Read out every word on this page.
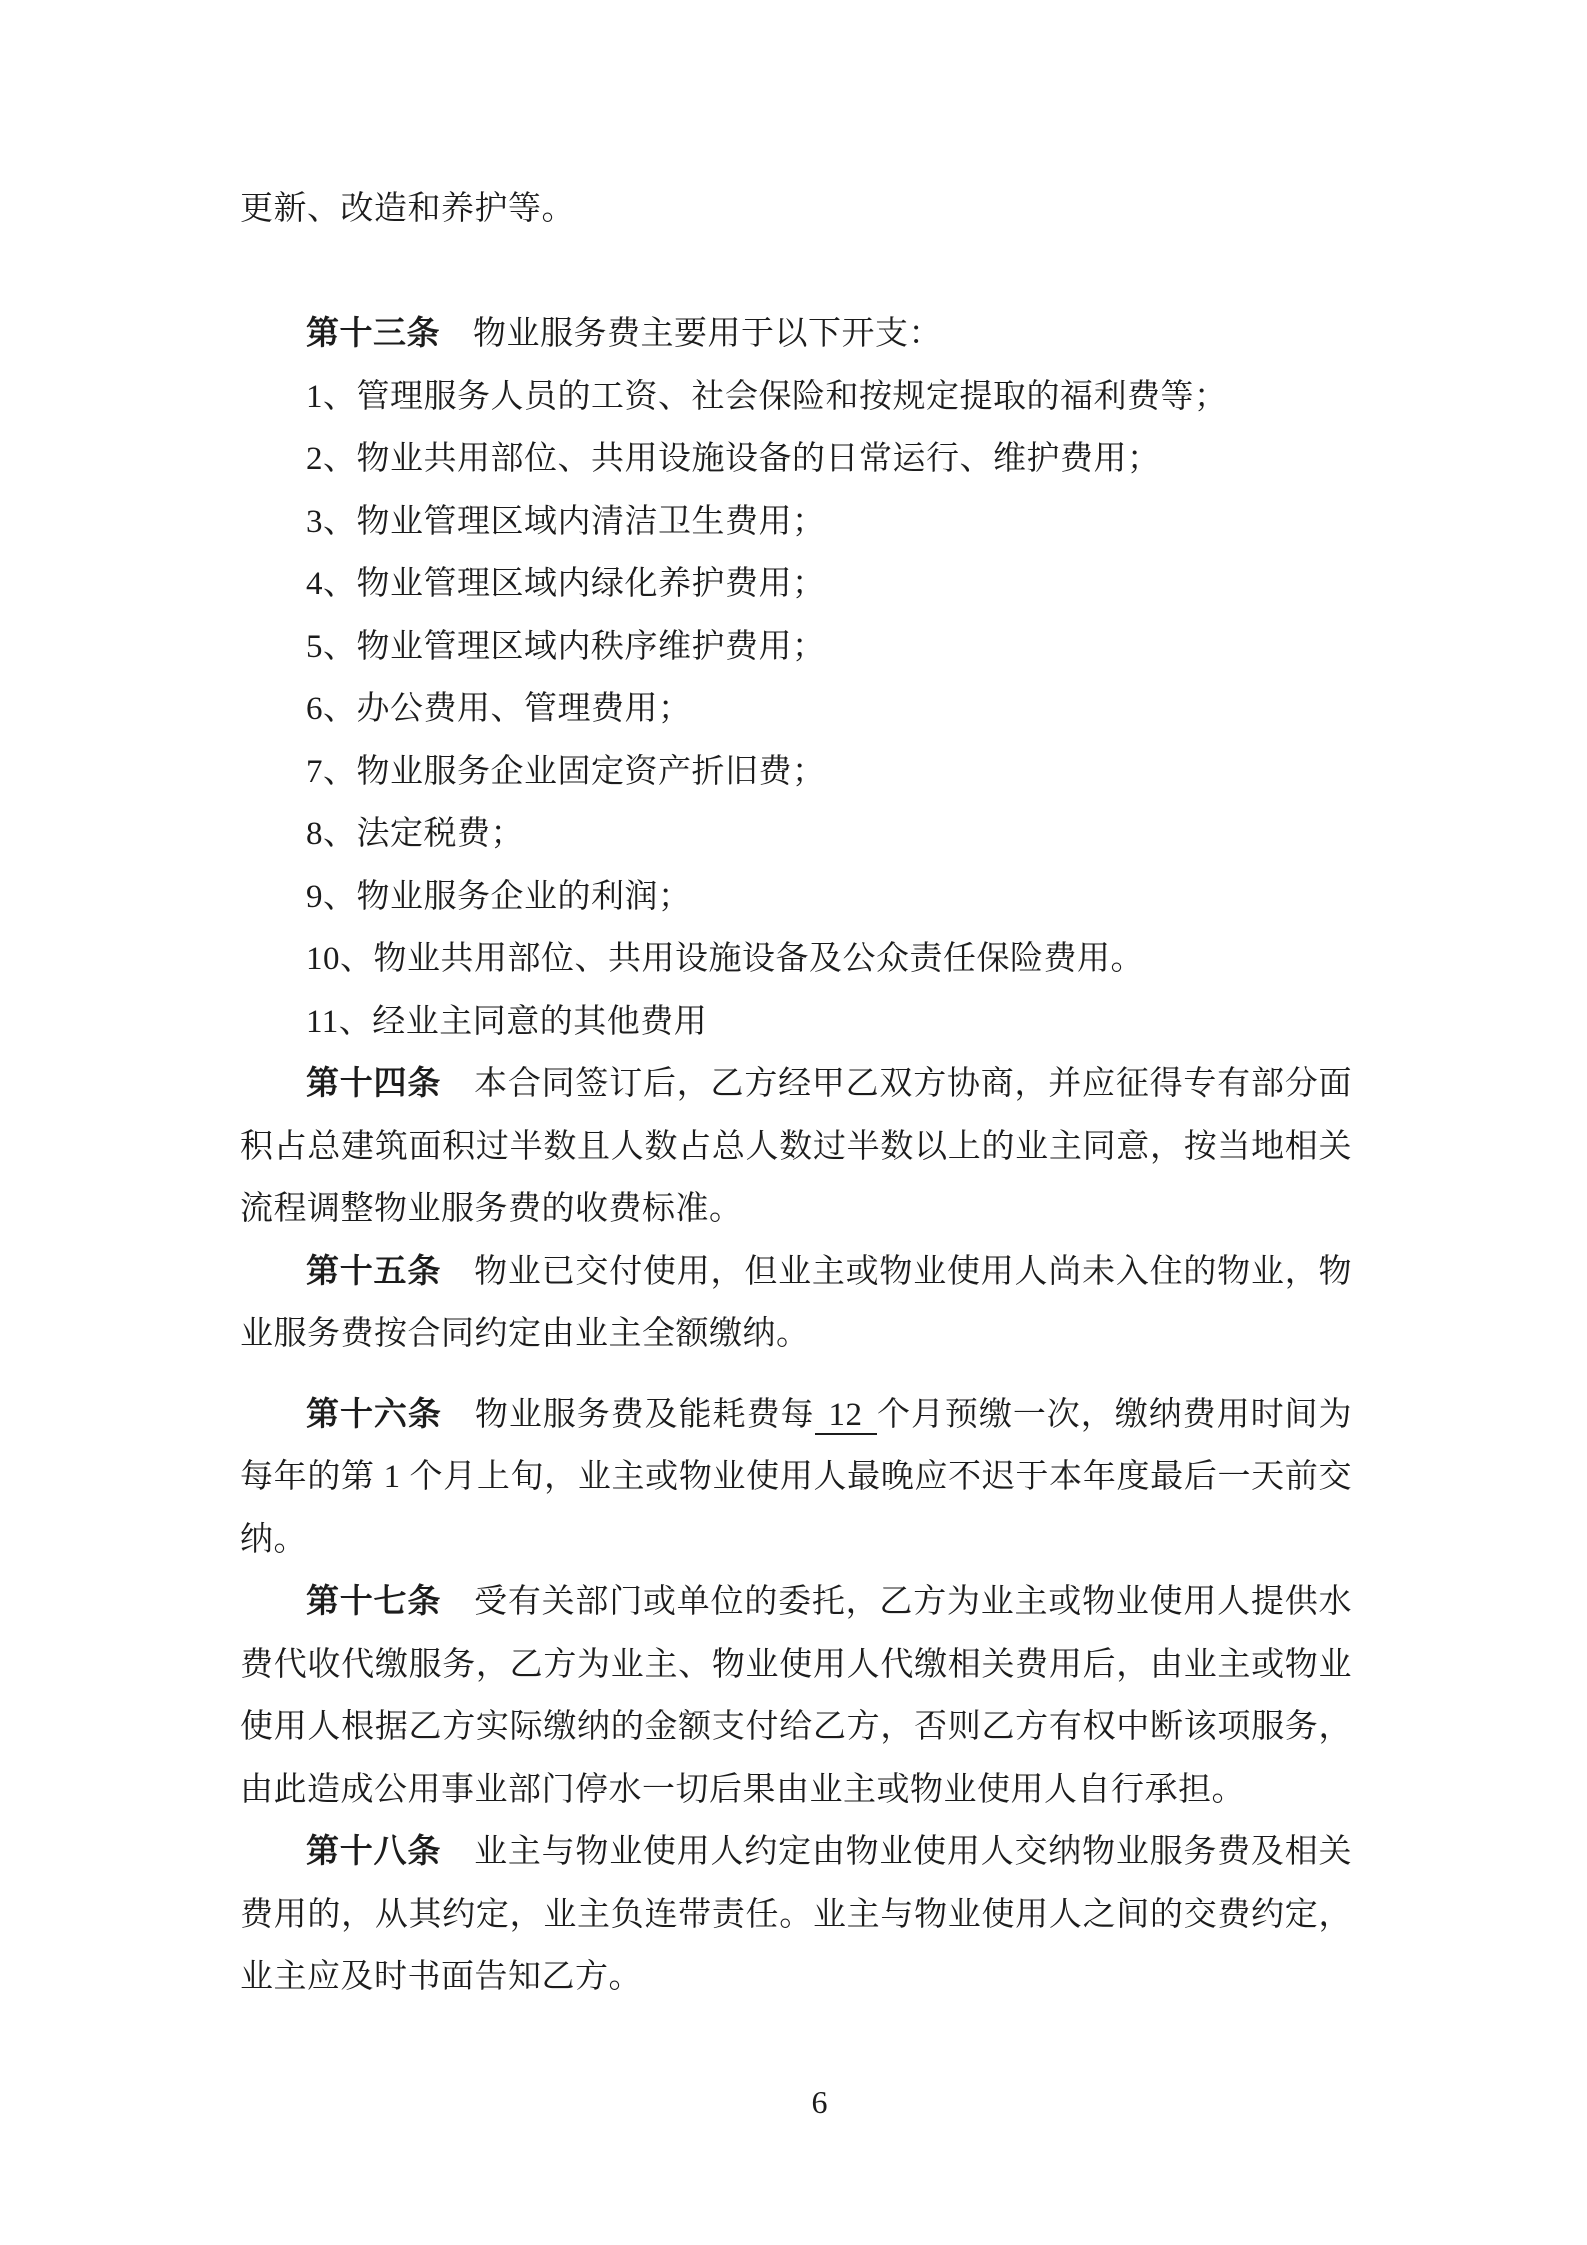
更新、改造和养护等。

第十三条 物业服务费主要用于以下开支：

1、管理服务人员的工资、社会保险和按规定提取的福利费等；

2、物业共用部位、共用设施设备的日常运行、维护费用；

3、物业管理区域内清洁卫生费用；

4、物业管理区域内绿化养护费用；

5、物业管理区域内秩序维护费用；

6、办公费用、管理费用；

7、物业服务企业固定资产折旧费；

8、法定税费；

9、物业服务企业的利润；

10、物业共用部位、共用设施设备及公众责任保险费用。

11、经业主同意的其他费用

第十四条 本合同签订后，乙方经甲乙双方协商，并应征得专有部分面积占总建筑面积过半数且人数占总人数过半数以上的业主同意，按当地相关流程调整物业服务费的收费标准。

第十五条 物业已交付使用，但业主或物业使用人尚未入住的物业，物业服务费按合同约定由业主全额缴纳。

第十六条 物业服务费及能耗费每 12 个月预缴一次，缴纳费用时间为每年的第 1 个月上旬，业主或物业使用人最晚应不迟于本年度最后一天前交纳。

第十七条 受有关部门或单位的委托，乙方为业主或物业使用人提供水费代收代缴服务，乙方为业主、物业使用人代缴相关费用后，由业主或物业使用人根据乙方实际缴纳的金额支付给乙方，否则乙方有权中断该项服务，由此造成公用事业部门停水一切后果由业主或物业使用人自行承担。

第十八条 业主与物业使用人约定由物业使用人交纳物业服务费及相关费用的，从其约定，业主负连带责任。业主与物业使用人之间的交费约定，业主应及时书面告知乙方。

6
